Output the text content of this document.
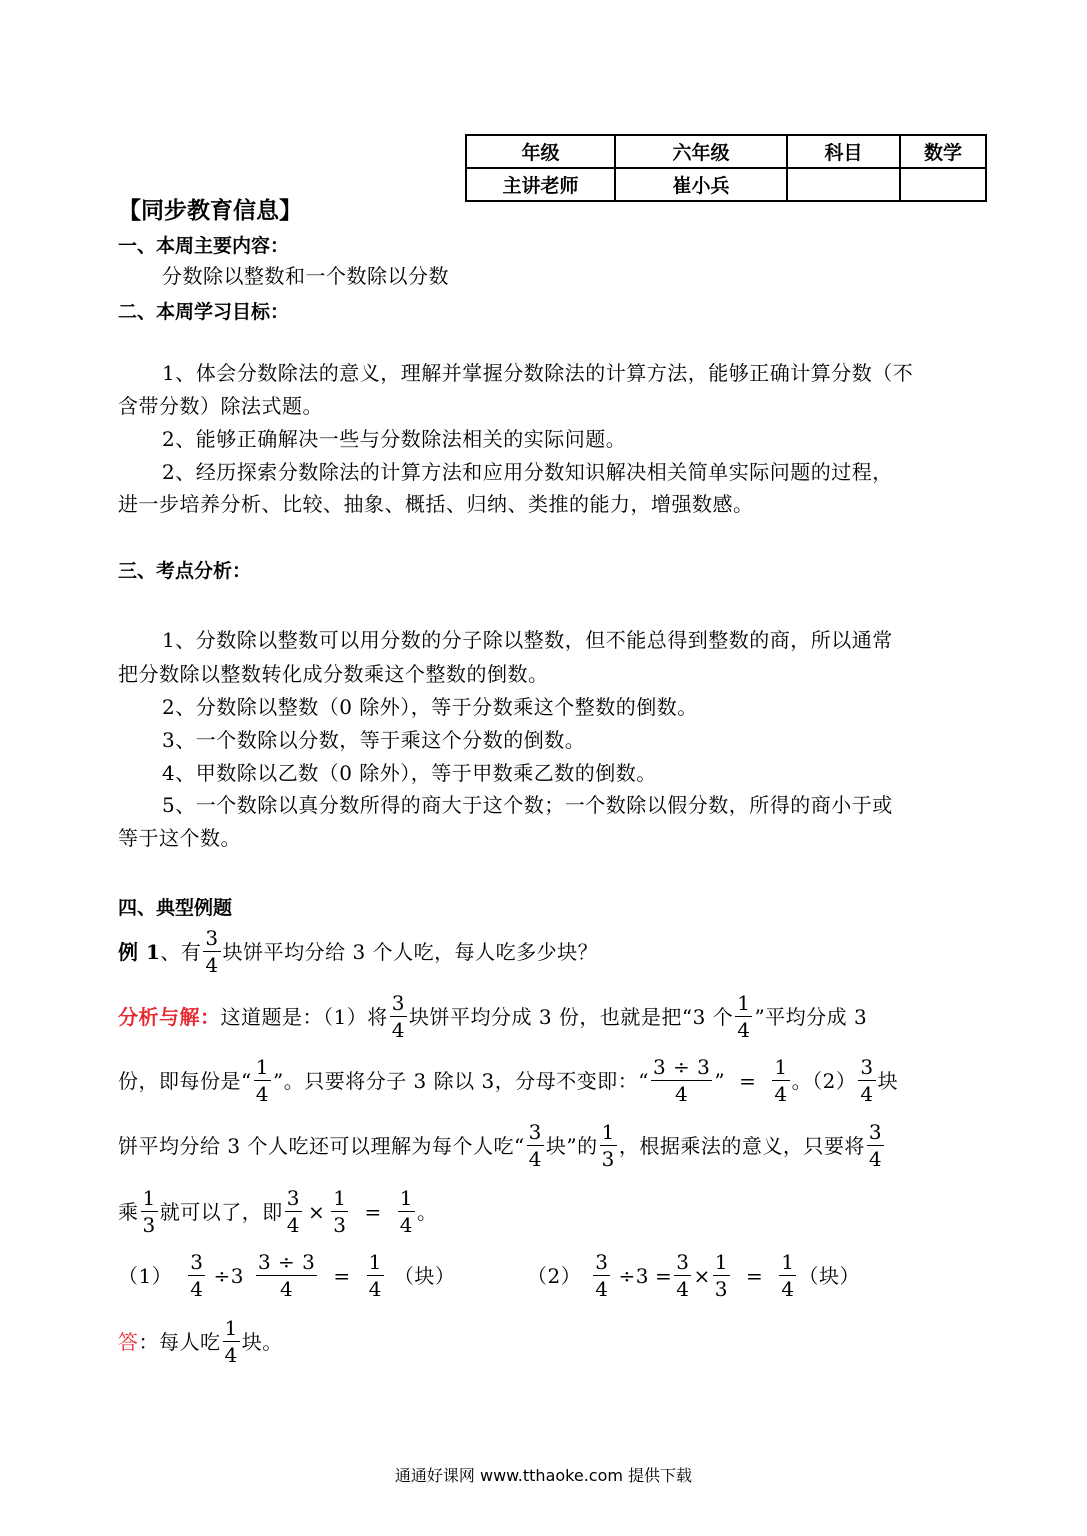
年级	六年级	科目	数学
主讲老师	崔小兵		
【同步教育信息】
一、本周主要内容：
分数除以整数和一个数除以分数
二、本周学习目标：
1、体会分数除法的意义，理解并掌握分数除法的计算方法，能够正确计算分数（不
含带分数）除法式题。
2、能够正确解决一些与分数除法相关的实际问题。
2、经历探索分数除法的计算方法和应用分数知识解决相关简单实际问题的过程，
进一步培养分析、比较、抽象、概括、归纳、类推的能力，增强数感。
三、考点分析：
1、分数除以整数可以用分数的分子除以整数，但不能总得到整数的商，所以通常
把分数除以整数转化成分数乘这个整数的倒数。
2、分数除以整数（0 除外），等于分数乘这个整数的倒数。
3、一个数除以分数，等于乘这个分数的倒数。
4、甲数除以乙数（0 除外），等于甲数乘乙数的倒数。
5、一个数除以真分数所得的商大于这个数；一个数除以假分数，所得的商小于或
等于这个数。
四、典型例题
例 1 、 有
3
4
块饼平均分给 3 个人吃，每人吃多少块？
分析与解： 这道题是：（1）将
3
4
块饼平均分成 3 份，也就是把“3 个
1
4
”平均分成 3
份，即每份是“
1
4
”。只要将分子 3 除以 3，分母不变即：“
3 ÷ 3
4
” = $\frac{1}{4}$ 。（2）
3
4
块
饼平均分给 3 个人吃还可以理解为每个人吃“
3
4
块”的
1
3
，根据乘法的意义，只要将
3
4
乘
1
3
就可以了，即 $\frac{3}{4} \times \frac{1}{3} = \frac{1}{4}$ 。
$(1) \frac{3}{4} \div 3 \frac{3 \div 3}{4} = \frac{1}{4}$ （块）	$(2) \frac{3}{4} \div 3 = \frac{3}{4} \times \frac{1}{3} = \frac{1}{4}$ （块）
答 ： 每人吃
1
4
块。
通通好课网 www.tthaoke.com 提供下载
